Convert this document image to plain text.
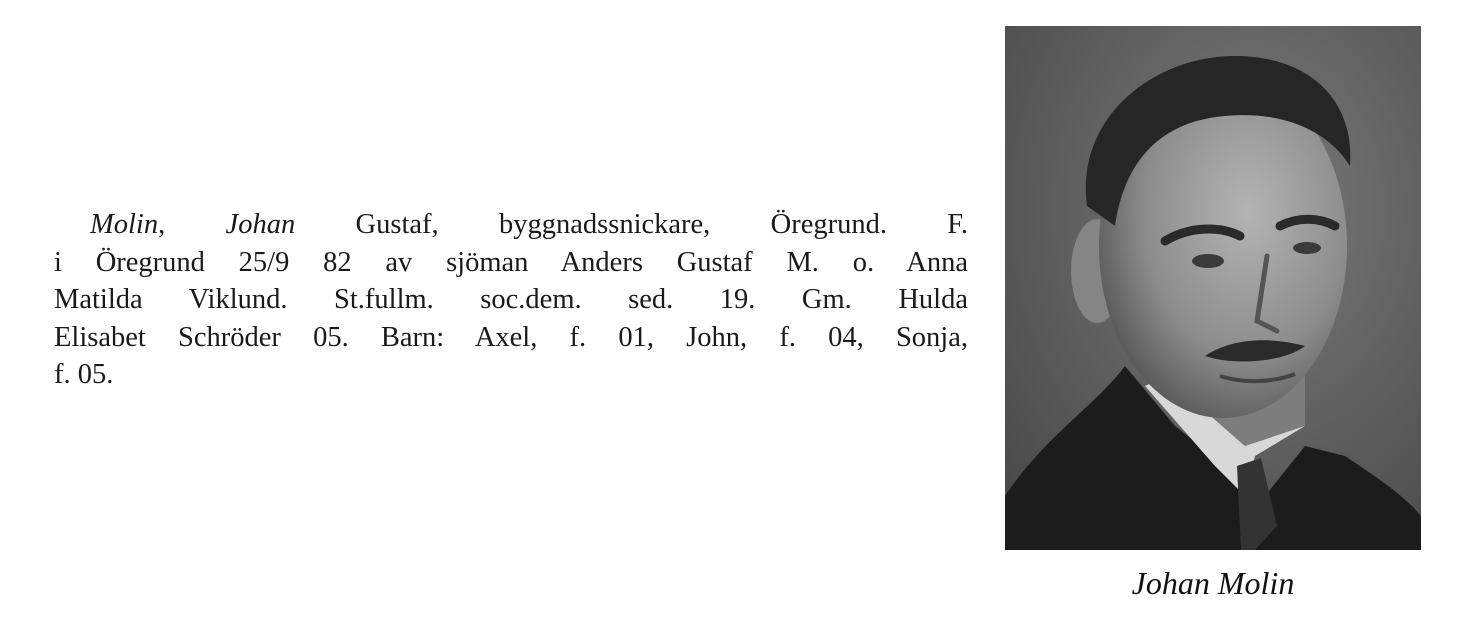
Molin, Johan Gustaf, byggnadssnickare, Öregrund. F.
i Öregrund 25/9 82 av sjöman Anders Gustaf M. o. Anna
Matilda Viklund. St.fullm. soc.dem. sed. 19. Gm. Hulda
Elisabet Schröder 05. Barn: Axel, f. 01, John, f. 04, Sonja,
f. 05.
Johan Molin
